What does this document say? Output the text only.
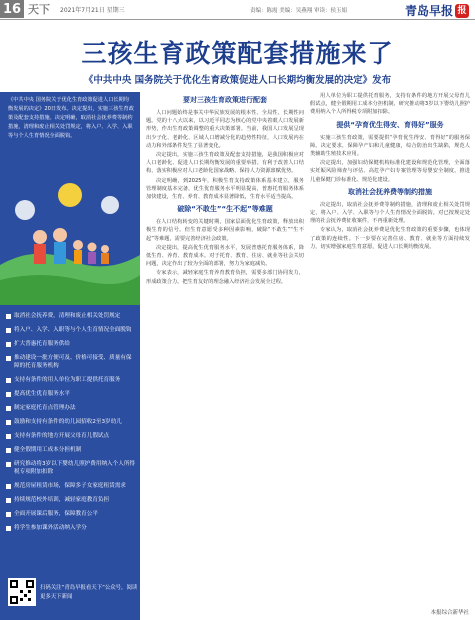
16 天下 2021年7月21日 星期三	责编：陈霞 美编：吴燕翔 审读：侯玉娟	青岛早报 报
三孩生育政策配套措施来了
《中共中央 国务院关于优化生育政策促进人口长期均衡发展的决定》发布
《中共中央 国务院关于优化生育政策促进人口长期均衡发展的决定》20日发布。决定提出，实施三孩生育政策及配套支持措施。决定明确，取消社会抚养费等制约措施，清理和废止相关处罚规定，将入户、入学、入职等与个人生育情况全面脱钩。
取消社会抚养费，清理和废止相关处罚规定
将入户、入学、入职等与个人生育情况全面脱钩
扩大普惠托育服务供给
推动建设一批方便可及、价格可接受、质量有保障的托育服务机构
支持有条件的用人单位为职工提供托育服务
提高优生优育服务水平
制定家庭托育点管理办法
鼓励和支持有条件的幼儿园招收2至3岁幼儿
支持有条件的地方开展父母育儿假试点
健全假期用工成本分担机制
研究推动将3岁以下婴幼儿照护费用纳入个人所得税专项附加扣除
规范房屋租赁市场，保障多子女家庭租赁需求
持续规范校外培训，减轻家庭教育负担
全面开展课后服务，保障教育公平
将学生参加课外活动纳入学分
扫码关注“青岛早报看天下”公众号，阅读更多天下新闻
要对三孩生育政策进行配套

人口问题始终是事关中华民族发展的根本性、全局性、长期性问题。党的十八大以来，以习近平同志为核心的党中央着眼人口发展新形势，作出生育政策调整的重大决策部署。当前，我国人口发展呈现出少子化、老龄化、区域人口增减分化的趋势性特征，人口发展内在动力和外部条件发生了显著变化。

决定提出，实施三孩生育政策及配套支持措施，是我国积极应对人口老龄化、促进人口长期均衡发展的重要举措。有利于改善人口结构、落实积极应对人口老龄化国家战略、保持人力资源禀赋优势。

决定明确，到2025年，积极生育支持政策体系基本建立，服务管理制度基本完备，优生优育服务水平明显提高，普惠托育服务体系加快建设，生育、养育、教育成本显著降低，生育水平适当提高。

破除“不敢生”“生不起”等难题

在人口结构转变的关键时期，国家层面优化生育政策，释放出积极生育的信号。但生育意愿受多种因素影响，破除“不敢生”“生不起”等难题，需要完善经济社会政策。

决定提出，提高优生优育服务水平，发展普惠托育服务体系，降低生育、养育、教育成本。对于托育、教育、住房、就业等社会关切问题，决定作出了较为全面的部署，努力为家庭减负。

专家表示，减轻家庭生育养育教育负担，需要多部门协同发力，形成政策合力。把生育友好的理念融入经济社会发展全过程。

用人单位为职工提供托育服务，支持有条件的地方开展父母育儿假试点，健全假期用工成本分担机制，研究推动将3岁以下婴幼儿照护费用纳入个人所得税专项附加扣除。

提供“孕育优生得安、育得好”服务

实施三孩生育政策，需要提供“孕育优生得安、育得好”的服务保障。决定要求，保障孕产妇和儿童健康，综合防治出生缺陷，规范人类辅助生殖技术应用。

决定提出，加强妇幼保健机构标准化建设和规范化管理，全面落实妊娠风险筛查与评估、高危孕产妇专案管理等母婴安全制度。推进儿童保健门诊标准化、规范化建设。

取消社会抚养费等制约措施

决定提出，取消社会抚养费等制约措施，清理和废止相关处罚规定，将入户、入学、入职等与个人生育情况全面脱钩。对已按规定处理的社会抚养费征收案件，不再重新处理。

专家认为，取消社会抚养费是优化生育政策的重要步骤，也体现了政策的连续性。下一步要在完善住房、教育、就业等方面持续发力，切实增强家庭生育意愿，促进人口长期均衡发展。

本报综合新华社
